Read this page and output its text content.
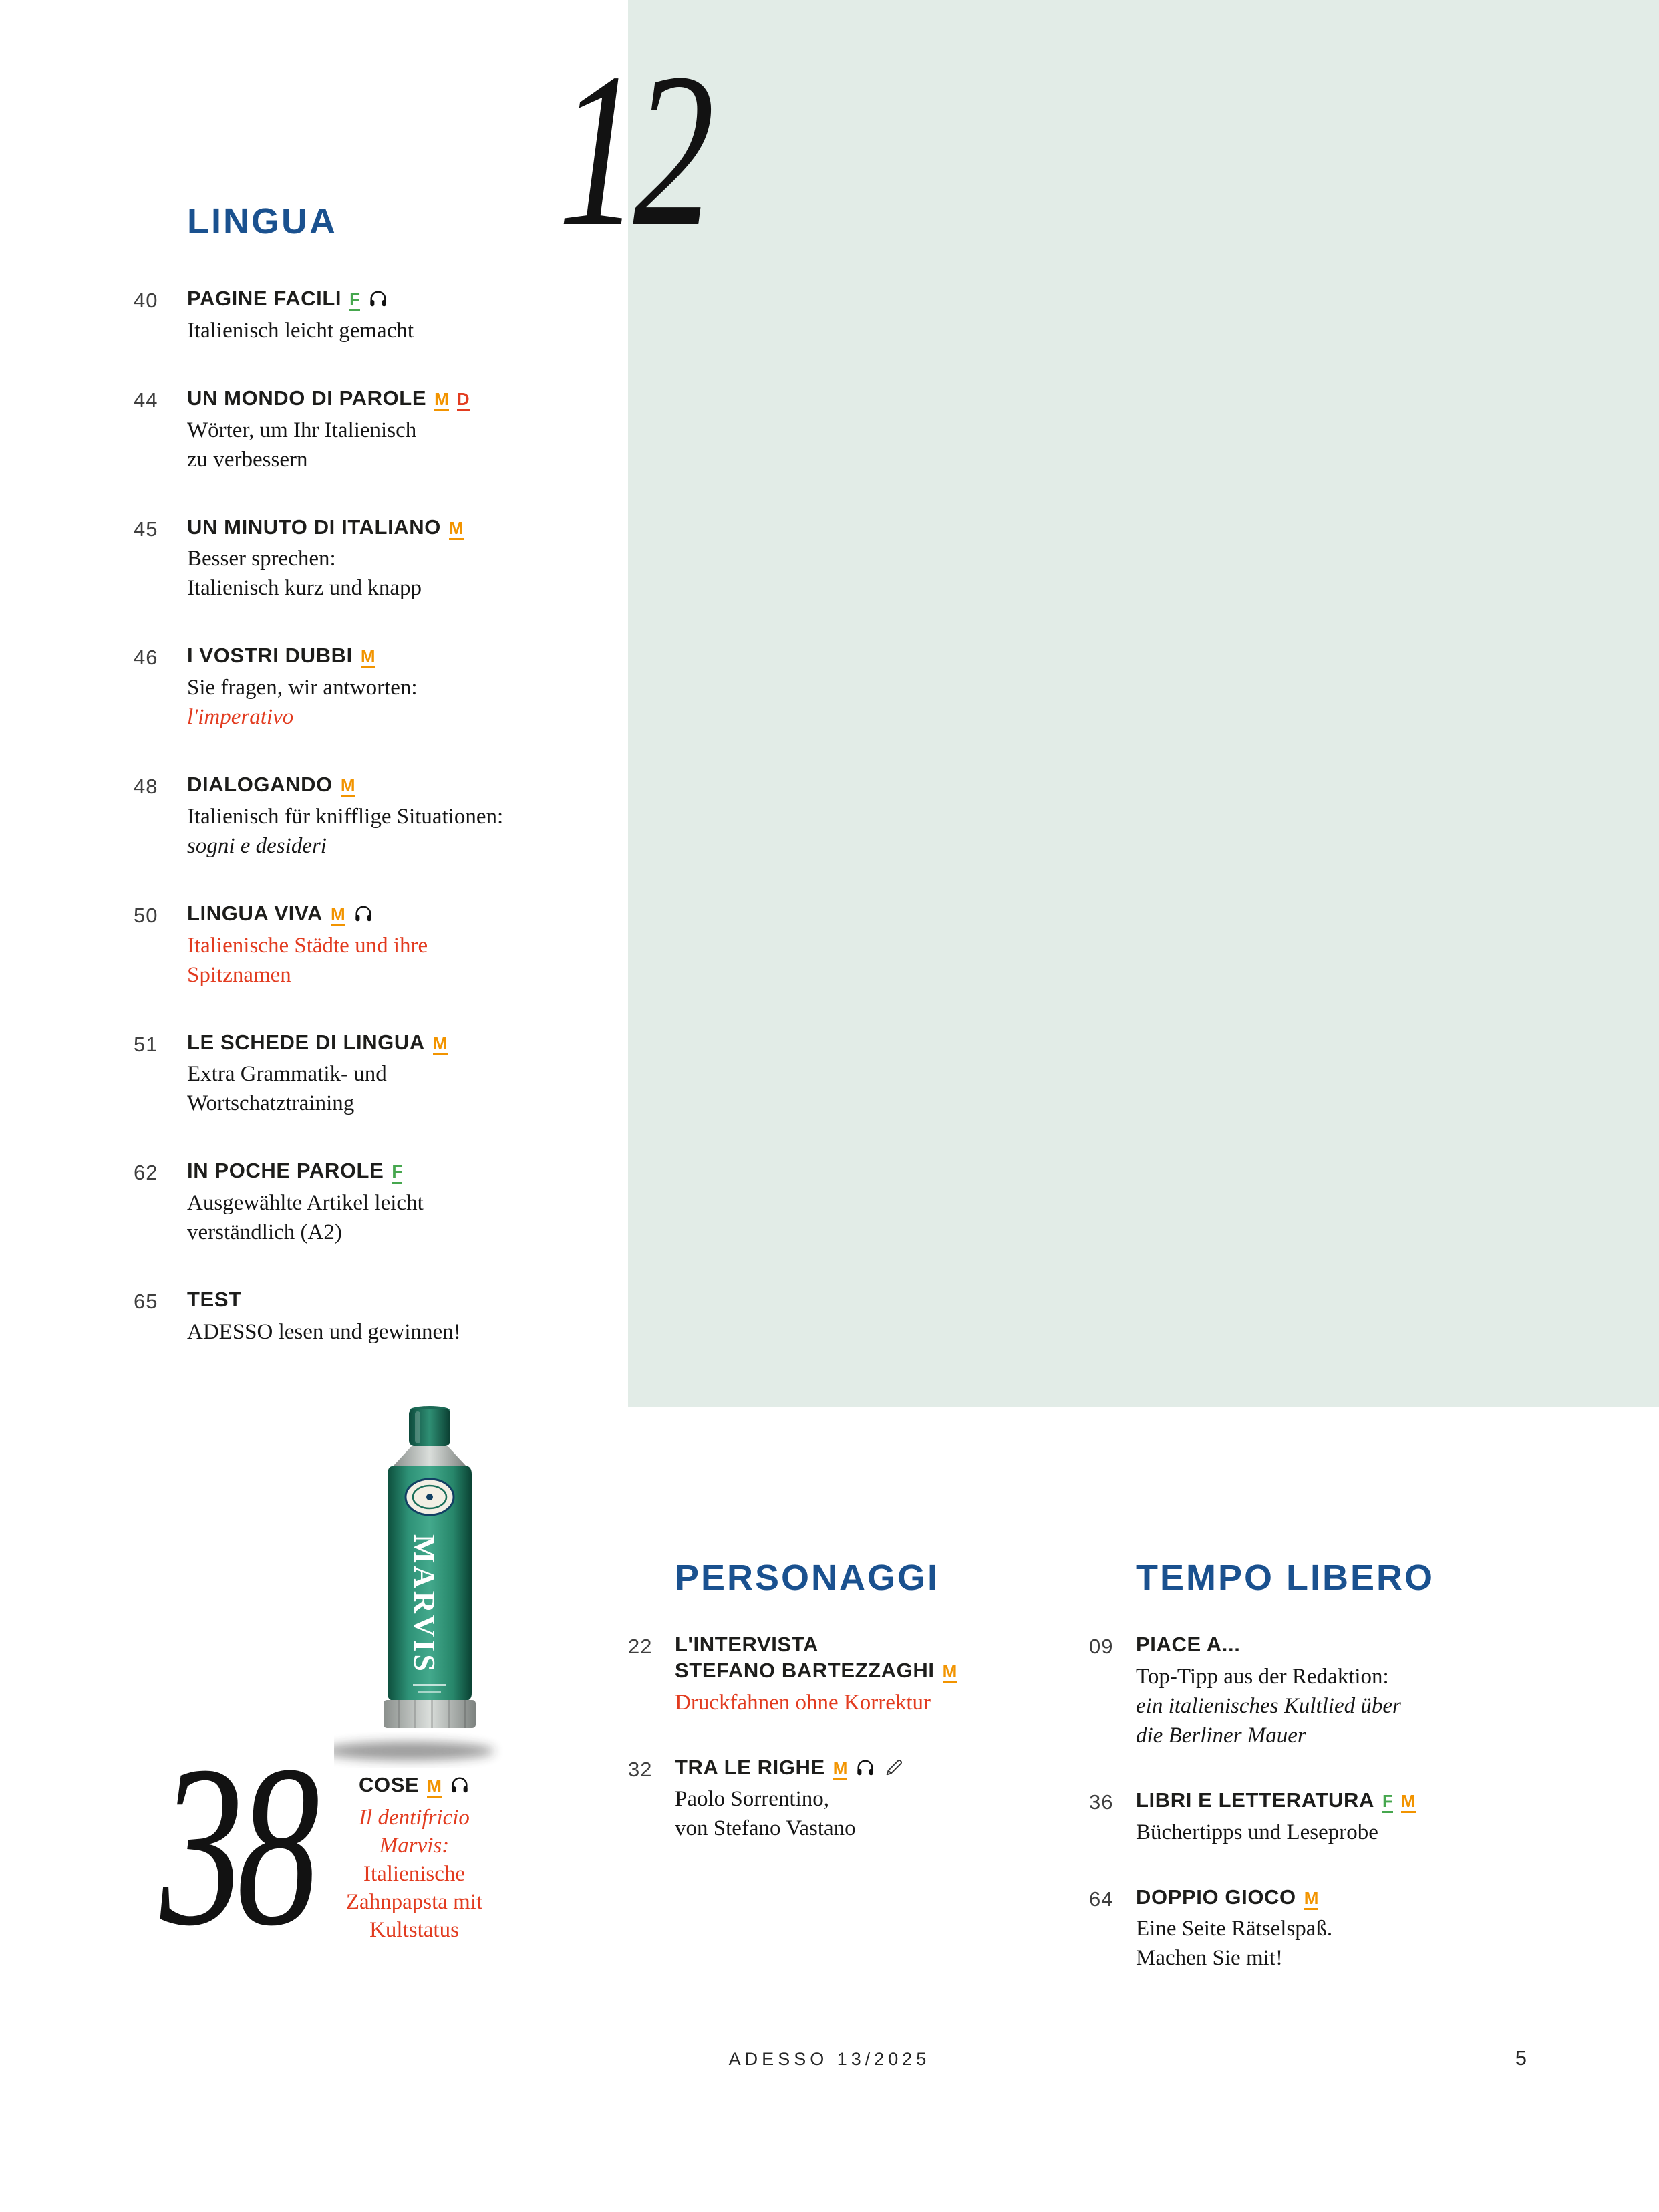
12
LINGUA
40	PAGINE FACILI F
Italienisch leicht gemacht
44	UN MONDO DI PAROLE M D
Wörter, um Ihr Italienisch
zu verbessern
45	UN MINUTO DI ITALIANO M
Besser sprechen:
Italienisch kurz und knapp
46	I VOSTRI DUBBI M
Sie fragen, wir antworten:
l'imperativo
48	DIALOGANDO M
Italienisch für knifflige Situationen:
sogni e desideri
50	LINGUA VIVA M
Italienische Städte und ihre
Spitznamen
51	LE SCHEDE DI LINGUA M
Extra Grammatik- und
Wortschatztraining
62	IN POCHE PAROLE F
Ausgewählte Artikel leicht
verständlich (A2)
65	TEST
ADESSO lesen und gewinnen!
MARVIS
38 COSE M
Il dentifricio
Marvis:
Italienische
Zahnpapsta mit
Kultstatus
PERSONAGGI
22	L'INTERVISTA
STEFANO BARTEZZAGHI M
Druckfahnen ohne Korrektur
32	TRA LE RIGHE M
Paolo Sorrentino,
von Stefano Vastano
TEMPO LIBERO
09	PIACE A...
Top-Tipp aus der Redaktion:
ein italienisches Kultlied über
die Berliner Mauer
36	LIBRI E LETTERATURA F M
Büchertipps und Leseprobe
64	DOPPIO GIOCO M
Eine Seite Rätselspaß.
Machen Sie mit!
ADESSO 13/2025	5
